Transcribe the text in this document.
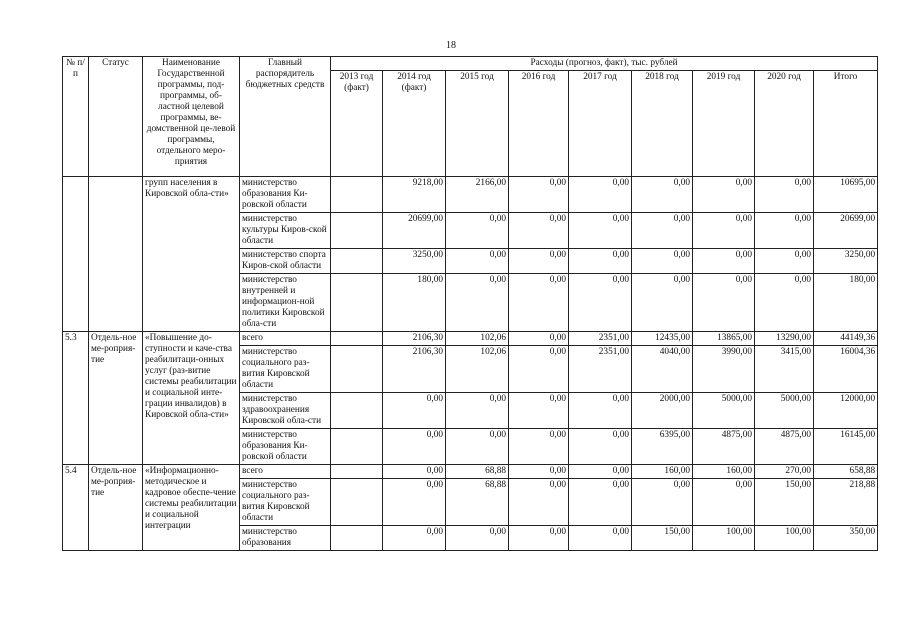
18
№ п/п	Статус	Наименование Государственной программы, под-программы, об-ластной целевой программы, ве-домственной це-левой программы, отдельного меро-приятия	Главный распорядитель бюджетных средств	Расходы (прогноз, факт), тыс. рублей								
				2013 год (факт)	2014 год (факт)	2015 год	2016 год	2017 год	2018 год	2019 год	2020 год	Итого
		групп населения в Кировской обла-сти»	министерство образования Ки-ровской области		9218,00	2166,00	0,00	0,00	0,00	0,00	0,00	10695,00
			министерство культуры Киров-ской области		20699,00	0,00	0,00	0,00	0,00	0,00	0,00	20699,00
			министерство спорта Киров-ской области		3250,00	0,00	0,00	0,00	0,00	0,00	0,00	3250,00
			министерство внутренней и информацион-ной политики Кировской обла-сти		180,00	0,00	0,00	0,00	0,00	0,00	0,00	180,00
5.3	Отдель-ное ме-роприя-тие	«Повышение до-ступности и каче-ства реабилитаци-онных услуг (раз-витие системы реабилитации и социальной инте-грации инвалидов) в Кировской обла-сти»	всего		2106,30	102,06	0,00	2351,00	12435,00	13865,00	13290,00	44149,36
			министерство социального раз-вития Кировской области		2106,30	102,06	0,00	2351,00	4040,00	3990,00	3415,00	16004,36
			министерство здравоохранения Кировской обла-сти		0,00	0,00	0,00	0,00	2000,00	5000,00	5000,00	12000,00
			министерство образования Ки-ровской области		0,00	0,00	0,00	0,00	6395,00	4875,00	4875,00	16145,00
5.4	Отдель-ное ме-роприя-тие	«Информационно-методическое и кадровое обеспе-чение системы реабилитации и социальной интеграции	всего		0,00	68,88	0,00	0,00	160,00	160,00	270,00	658,88
			министерство социального раз-вития Кировской области		0,00	68,88	0,00	0,00	0,00	0,00	150,00	218,88
			министерство образования		0,00	0,00	0,00	0,00	150,00	100,00	100,00	350,00
